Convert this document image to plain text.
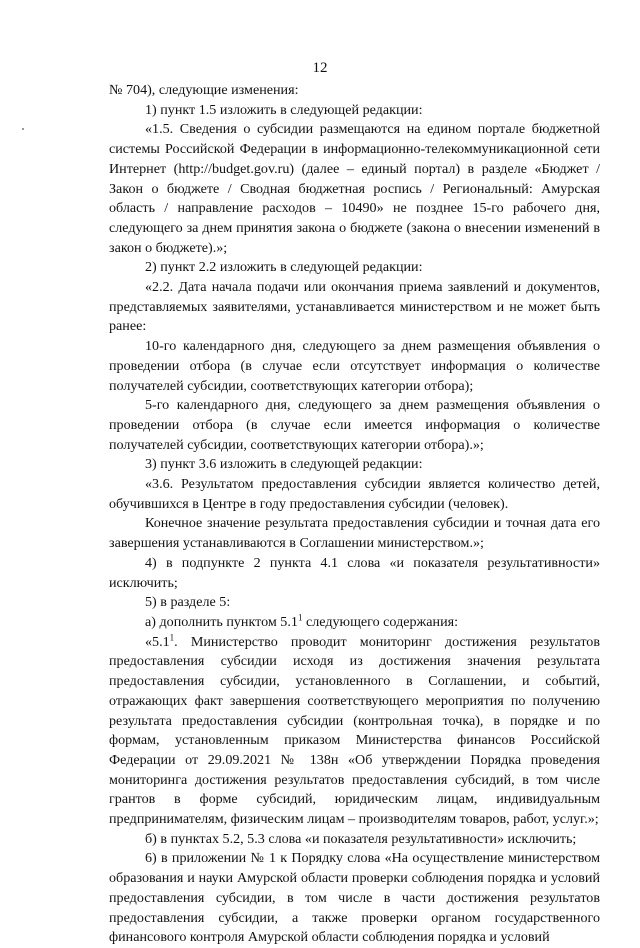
12

№ 704), следующие изменения:

1) пункт 1.5 изложить в следующей редакции:

«1.5. Сведения о субсидии размещаются на едином портале бюджетной системы Российской Федерации в информационно-телекоммуникационной сети Интернет (http://budget.gov.ru) (далее – единый портал) в разделе «Бюджет / Закон о бюджете / Сводная бюджетная роспись / Региональный: Амурская область / направление расходов – 10490» не позднее 15-го рабочего дня, следующего за днем принятия закона о бюджете (закона о внесении изменений в закон о бюджете).»;

2) пункт 2.2 изложить в следующей редакции:

«2.2. Дата начала подачи или окончания приема заявлений и документов, представляемых заявителями, устанавливается министерством и не может быть ранее:

10-го календарного дня, следующего за днем размещения объявления о проведении отбора (в случае если отсутствует информация о количестве получателей субсидии, соответствующих категории отбора);

5-го календарного дня, следующего за днем размещения объявления о проведении отбора (в случае если имеется информация о количестве получателей субсидии, соответствующих категории отбора).»;

3) пункт 3.6 изложить в следующей редакции:

«3.6. Результатом предоставления субсидии является количество детей, обучившихся в Центре в году предоставления субсидии (человек).

Конечное значение результата предоставления субсидии и точная дата его завершения устанавливаются в Соглашении министерством.»;

4) в подпункте 2 пункта 4.1 слова «и показателя результативности» исключить;

5) в разделе 5:

а) дополнить пунктом $5.1^1$ следующего содержания:

«$5.1^1$. Министерство проводит мониторинг достижения результатов предоставления субсидии исходя из достижения значения результата предоставления субсидии, установленного в Соглашении, и событий, отражающих факт завершения соответствующего мероприятия по получению результата предоставления субсидии (контрольная точка), в порядке и по формам, установленным приказом Министерства финансов Российской Федерации от 29.09.2021 № 138н «Об утверждении Порядка проведения мониторинга достижения результатов предоставления субсидий, в том числе грантов в форме субсидий, юридическим лицам, индивидуальным предпринимателям, физическим лицам – производителям товаров, работ, услуг.»;

б) в пунктах 5.2, 5.3 слова «и показателя результативности» исключить;

6) в приложении № 1 к Порядку слова «На осуществление министерством образования и науки Амурской области проверки соблюдения порядка и условий предоставления субсидии, в том числе в части достижения результатов предоставления субсидии, а также проверки органом государственного финансового контроля Амурской области соблюдения порядка и условий
